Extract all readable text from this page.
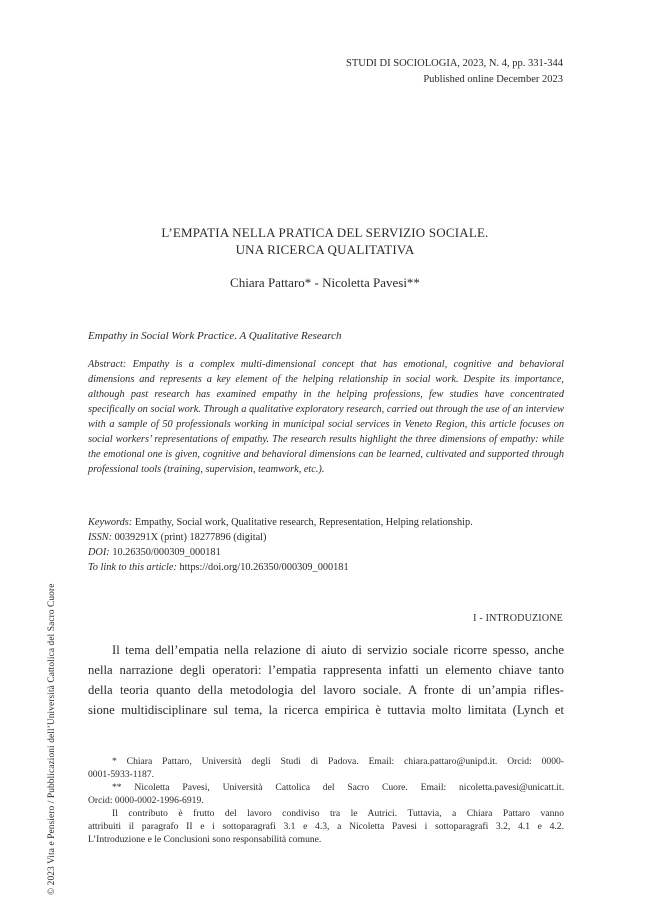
STUDI DI SOCIOLOGIA, 2023, N. 4, pp. 331-344
Published online December 2023
L’EMPATIA NELLA PRATICA DEL SERVIZIO SOCIALE.
UNA RICERCA QUALITATIVA
Chiara Pattaro* - Nicoletta Pavesi**
Empathy in Social Work Practice. A Qualitative Research
Abstract: Empathy is a complex multi-dimensional concept that has emotional, cognitive and behavioral dimensions and represents a key element of the helping relationship in social work. Despite its importance, although past research has examined empathy in the helping professions, few studies have concentrated specifically on social work. Through a qualitative exploratory research, carried out through the use of an interview with a sample of 50 professionals working in municipal social services in Veneto Region, this article focuses on social workers’ representations of empathy. The research results highlight the three dimensions of empathy: while the emotional one is given, cognitive and behavioral dimensions can be learned, cultivated and supported through professional tools (training, supervision, teamwork, etc.).
Keywords: Empathy, Social work, Qualitative research, Representation, Helping relationship.
ISSN: 0039291X (print) 18277896 (digital)
DOI: 10.26350/000309_000181
To link to this article: https://doi.org/10.26350/000309_000181
I - INTRODUZIONE
Il tema dell’empatia nella relazione di aiuto di servizio sociale ricorre spesso, anche
nella narrazione degli operatori: l’empatia rappresenta infatti un elemento chiave tanto
della teoria quanto della metodologia del lavoro sociale. A fronte di un’ampia rifles-
sione multidisciplinare sul tema, la ricerca empirica è tuttavia molto limitata (Lynch et
* Chiara Pattaro, Università degli Studi di Padova. Email: chiara.pattaro@unipd.it. Orcid: 0000-
0001-5933-1187.
** Nicoletta Pavesi, Università Cattolica del Sacro Cuore. Email: nicoletta.pavesi@unicatt.it.
Orcid: 0000-0002-1996-6919.
Il contributo è frutto del lavoro condiviso tra le Autrici. Tuttavia, a Chiara Pattaro vanno
attribuiti il paragrafo II e i sottoparagrafi 3.1 e 4.3, a Nicoletta Pavesi i sottoparagrafi 3.2, 4.1 e 4.2.
L’Introduzione e le Conclusioni sono responsabilità comune.
© 2023 Vita e Pensiero / Pubblicazioni dell’Università Cattolica del Sacro Cuore
